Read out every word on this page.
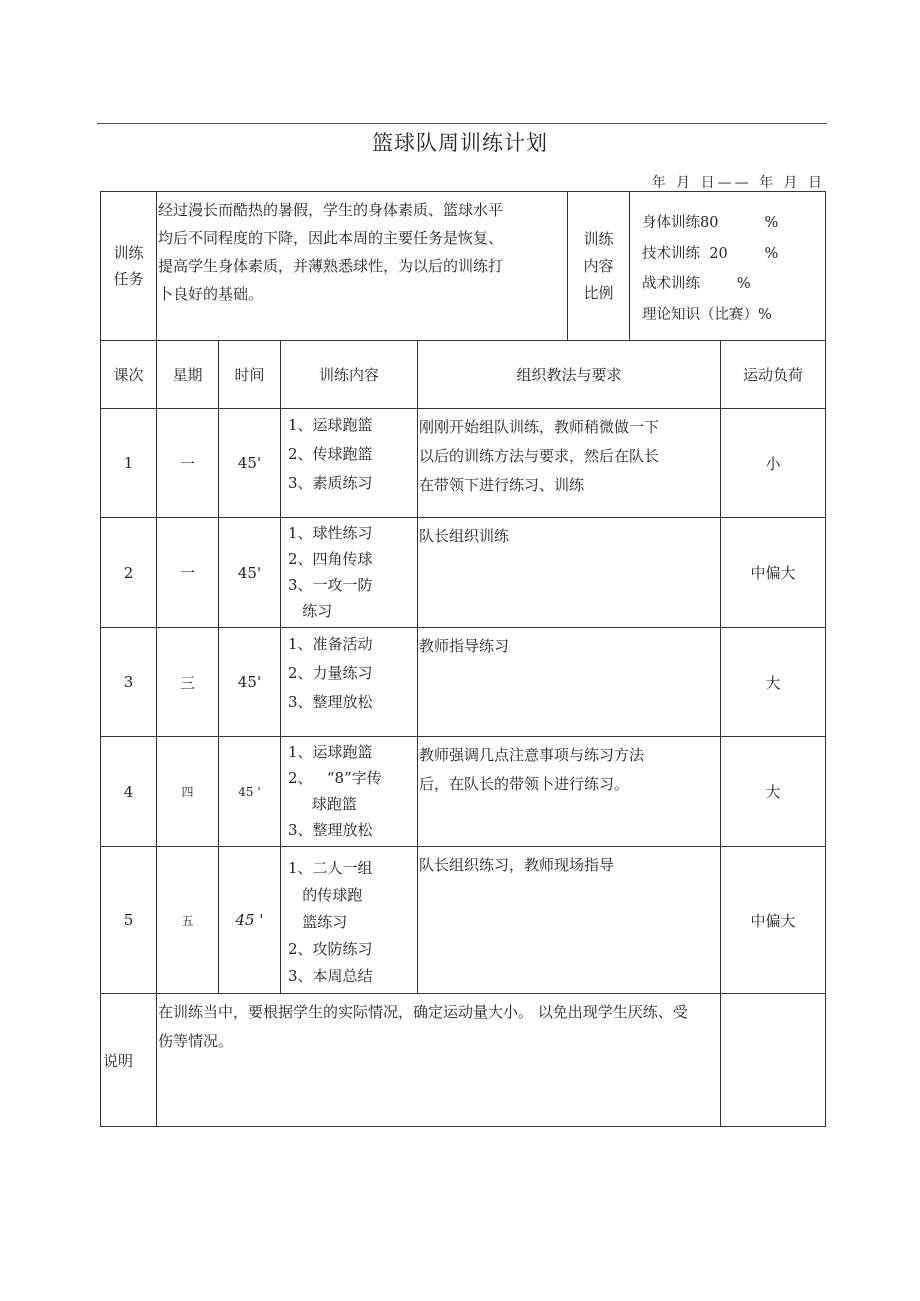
篮球队周训练计划
年 月 日—— 年 月 日
训练任务	经过漫长而酷热的暑假，学生的身体素质、篮球水平均后不同程度的下降，因此本周的主要任务是恢复、提高学生身体素质，并薄熟悉球性，为以后的训练打卜良好的基础。				训练内容比例	身体训练80          %
技术训练  20        %
战术训练        %
理论知识（比赛）%	

课次	星期	时间	训练内容	组织教法与要求			运动负荷
1	一	45'	1、运球跑篮
2、传球跑篮
3、素质练习	刚刚开始组队训练，教师稍微做一下以后的训练方法与要求，然后在队长在带领下进行练习、训练			小
2	一	45'	1、球性练习
2、四角传球
3、一攻一防
练习	队长组织训练			中偏大
3	三	45'	1、准备活动
2、力量练习
3、整理放松	教师指导练习			大
4	四	45 '	1、运球跑篮
2、   “8”字传
球跑篮
3、整理放松	教师强调几点注意事项与练习方法后，在队长的带领卜进行练习。			大
5	五	45 '	1、二人一组
的传球跑
篮练习
2、攻防练习
3、本周总结	队长组织练习，教师现场指导			中偏大
说明	在训练当中，要根据学生的实际情况，确定运动量大小。 以免出现学生厌练、受伤等情况。						
